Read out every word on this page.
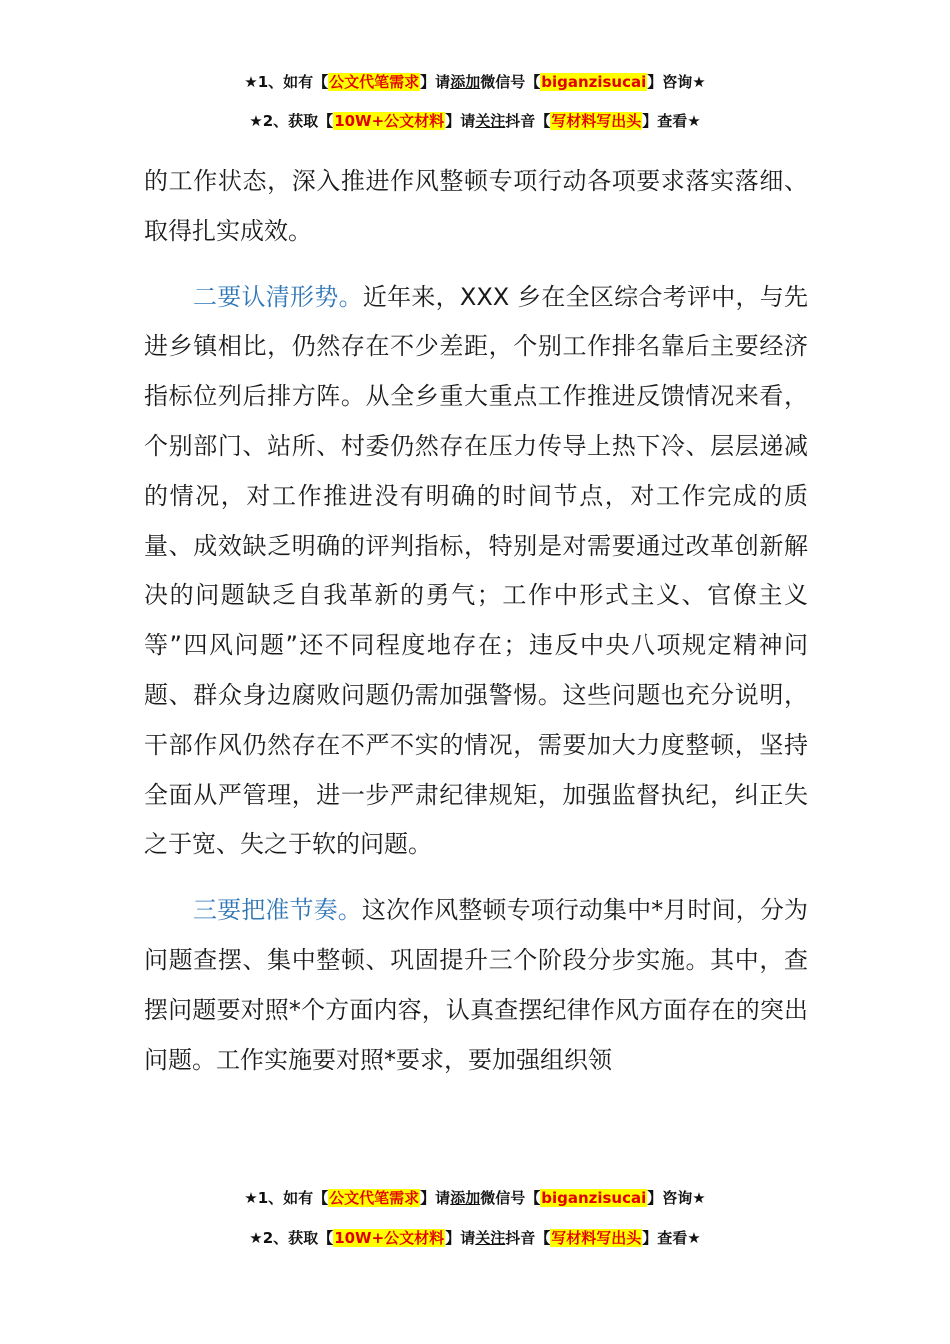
★1、如有【公文代笔需求】请添加微信号【biganzisucai】咨询★
★2、获取【10W+公文材料】请关注抖音【写材料写出头】查看★

的工作状态，深入推进作风整顿专项行动各项要求落实落细、取得扎实成效。

二要认清形势。近年来，XXX 乡在全区综合考评中，与先进乡镇相比，仍然存在不少差距，个别工作排名靠后主要经济指标位列后排方阵。从全乡重大重点工作推进反馈情况来看，个别部门、站所、村委仍然存在压力传导上热下冷、层层递减的情况，对工作推进没有明确的时间节点，对工作完成的质量、成效缺乏明确的评判指标，特别是对需要通过改革创新解决的问题缺乏自我革新的勇气；工作中形式主义、官僚主义等”四风问题”还不同程度地存在；违反中央八项规定精神问题、群众身边腐败问题仍需加强警惕。这些问题也充分说明，干部作风仍然存在不严不实的情况，需要加大力度整顿，坚持全面从严管理，进一步严肃纪律规矩，加强监督执纪，纠正失之于宽、失之于软的问题。

三要把准节奏。这次作风整顿专项行动集中*月时间，分为问题查摆、集中整顿、巩固提升三个阶段分步实施。其中，查摆问题要对照*个方面内容，认真查摆纪律作风方面存在的突出问题。工作实施要对照*要求，要加强组织领

★1、如有【公文代笔需求】请添加微信号【biganzisucai】咨询★
★2、获取【10W+公文材料】请关注抖音【写材料写出头】查看★
